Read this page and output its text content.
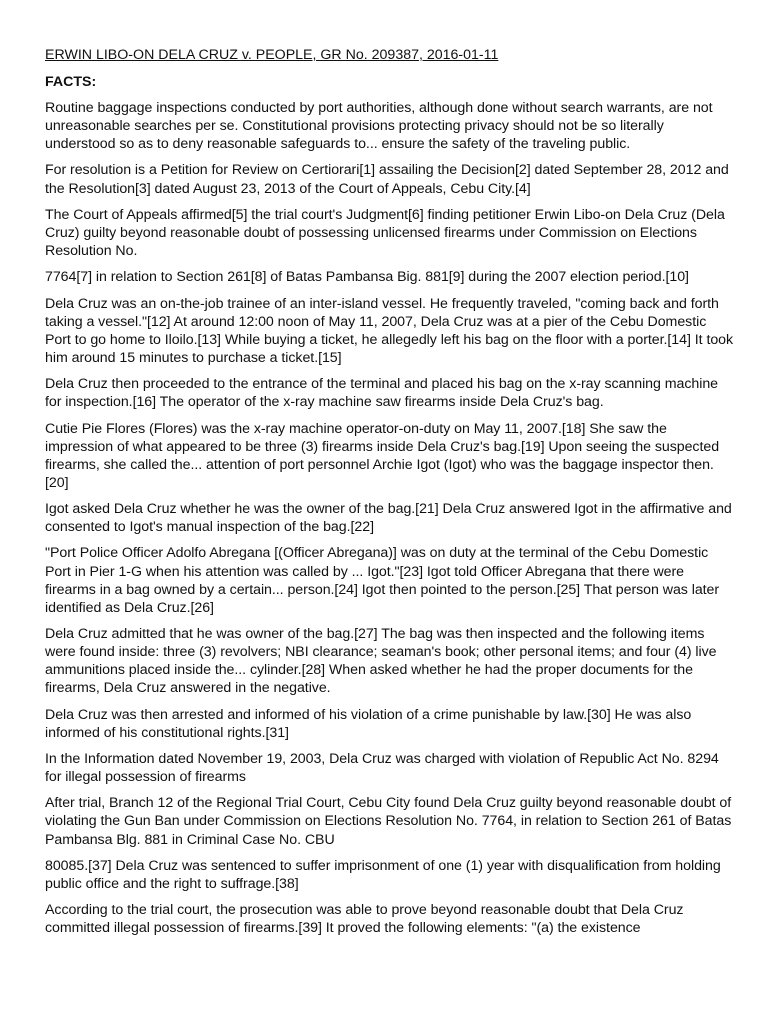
ERWIN LIBO-ON DELA CRUZ v. PEOPLE, GR No. 209387, 2016-01-11
FACTS:

Routine baggage inspections conducted by port authorities, although done without search warrants, are not unreasonable searches per se. Constitutional provisions protecting privacy should not be so literally understood so as to deny reasonable safeguards to... ensure the safety of the traveling public.

For resolution is a Petition for Review on Certiorari[1] assailing the Decision[2] dated September 28, 2012 and the Resolution[3] dated August 23, 2013 of the Court of Appeals, Cebu City.[4]

The Court of Appeals affirmed[5] the trial court's Judgment[6] finding petitioner Erwin Libo-on Dela Cruz (Dela Cruz) guilty beyond reasonable doubt of possessing unlicensed firearms under Commission on Elections Resolution No.

7764[7] in relation to Section 261[8] of Batas Pambansa Big. 881[9] during the 2007 election period.[10]

Dela Cruz was an on-the-job trainee of an inter-island vessel. He frequently traveled, "coming back and forth taking a vessel."[12] At around 12:00 noon of May 11, 2007, Dela Cruz was at a pier of the Cebu Domestic Port to go home to Iloilo.[13] While buying a ticket, he allegedly left his bag on the floor with a porter.[14] It took him around 15 minutes to purchase a ticket.[15]

Dela Cruz then proceeded to the entrance of the terminal and placed his bag on the x-ray scanning machine for inspection.[16] The operator of the x-ray machine saw firearms inside Dela Cruz's bag.

Cutie Pie Flores (Flores) was the x-ray machine operator-on-duty on May 11, 2007.[18] She saw the impression of what appeared to be three (3) firearms inside Dela Cruz's bag.[19] Upon seeing the suspected firearms, she called the... attention of port personnel Archie Igot (Igot) who was the baggage inspector then.[20]

Igot asked Dela Cruz whether he was the owner of the bag.[21] Dela Cruz answered Igot in the affirmative and consented to Igot's manual inspection of the bag.[22]

"Port Police Officer Adolfo Abregana [(Officer Abregana)] was on duty at the terminal of the Cebu Domestic Port in Pier 1-G when his attention was called by ... Igot."[23] Igot told Officer Abregana that there were firearms in a bag owned by a certain... person.[24] Igot then pointed to the person.[25] That person was later identified as Dela Cruz.[26]

Dela Cruz admitted that he was owner of the bag.[27] The bag was then inspected and the following items were found inside: three (3) revolvers; NBI clearance; seaman's book; other personal items; and four (4) live ammunitions placed inside the... cylinder.[28] When asked whether he had the proper documents for the firearms, Dela Cruz answered in the negative.

Dela Cruz was then arrested and informed of his violation of a crime punishable by law.[30] He was also informed of his constitutional rights.[31]

In the Information dated November 19, 2003, Dela Cruz was charged with violation of Republic Act No. 8294 for illegal possession of firearms

After trial, Branch 12 of the Regional Trial Court, Cebu City found Dela Cruz guilty beyond reasonable doubt of violating the Gun Ban under Commission on Elections Resolution No. 7764, in relation to Section 261 of Batas Pambansa Blg. 881 in Criminal Case No. CBU

80085.[37] Dela Cruz was sentenced to suffer imprisonment of one (1) year with disqualification from holding public office and the right to suffrage.[38]

According to the trial court, the prosecution was able to prove beyond reasonable doubt that Dela Cruz committed illegal possession of firearms.[39] It proved the following elements: "(a) the existence
